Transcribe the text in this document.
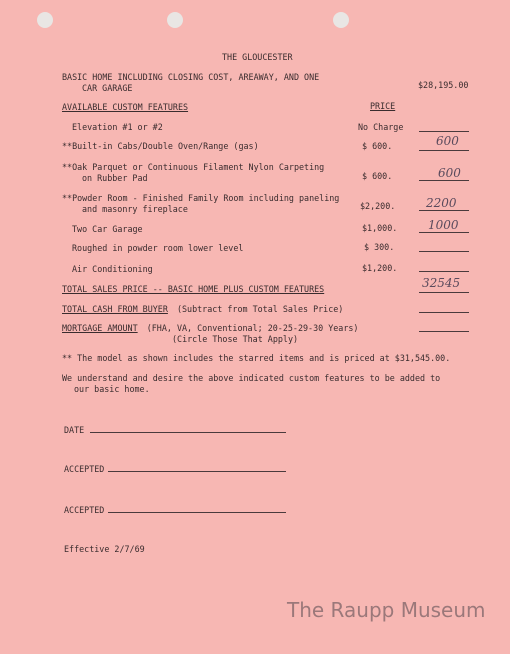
THE GLOUCESTER
BASIC HOME INCLUDING CLOSING COST, AREAWAY, AND ONE
CAR GARAGE	$28,195.00
AVAILABLE CUSTOM FEATURES	PRICE
Elevation #1 or #2	No Charge
**Built-in Cabs/Double Oven/Range (gas)	$ 600.	600
**Oak Parquet or Continuous Filament Nylon Carpeting
on Rubber Pad	$ 600.	600
**Powder Room - Finished Family Room including paneling
and masonry fireplace	$2,200.	2200
Two Car Garage	$1,000.	1000
Roughed in powder room lower level	$ 300.
Air Conditioning	$1,200.
TOTAL SALES PRICE -- BASIC HOME PLUS CUSTOM FEATURES	32545
TOTAL CASH FROM BUYER (Subtract from Total Sales Price)
MORTGAGE AMOUNT (FHA, VA, Conventional; 20-25-29-30 Years)
(Circle Those That Apply)
** The model as shown includes the starred items and is priced at $31,545.00.
We understand and desire the above indicated custom features to be added to
our basic home.
DATE
ACCEPTED
ACCEPTED
Effective 2/7/69
The Raupp Museum
